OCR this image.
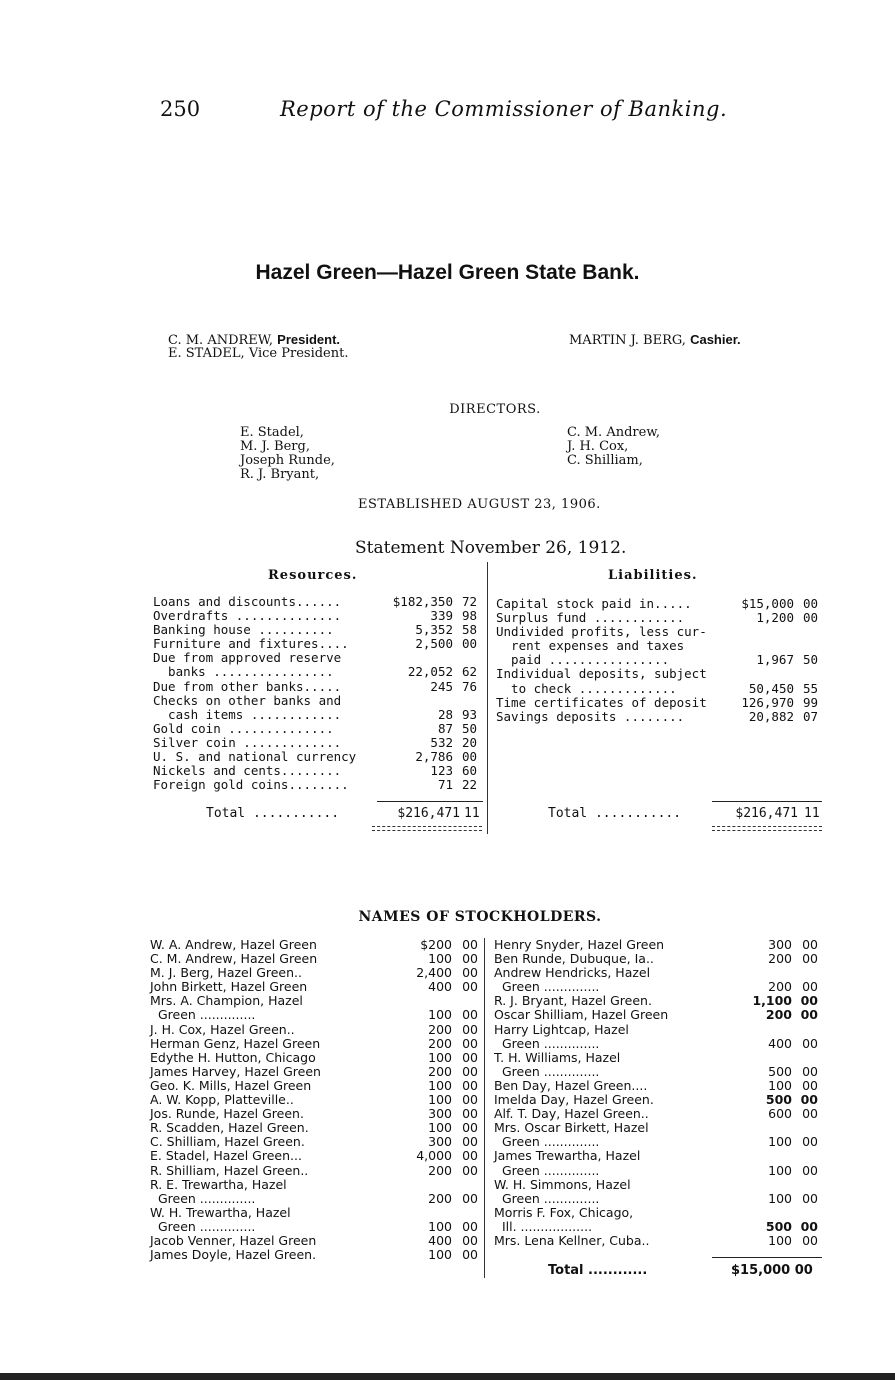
250	Report of the Commissioner of Banking.
Hazel Green—Hazel Green State Bank.
C. M. ANDREW, President.
E. STADEL, Vice President.
MARTIN J. BERG, Cashier.
DIRECTORS.
E. Stadel,
M. J. Berg,
Joseph Runde,
R. J. Bryant,
C. M. Andrew,
J. H. Cox,
C. Shilliam,
ESTABLISHED AUGUST 23, 1906.
Statement November 26, 1912.
Resources.	Liabilities.
Loans and discounts......	$182,350 72
Overdrafts ..............	339 98
Banking house ..........	5,352 58
Furniture and fixtures....	2,500 00
Due from approved reserve
banks ................	22,052 62
Due from other banks.....	245 76
Checks on other banks and
cash items ............	28 93
Gold coin ..............	87 50
Silver coin .............	532 20
U. S. and national currency	2,786 00
Nickels and cents........	123 60
Foreign gold coins........	71 22
Capital stock paid in.....	$15,000 00
Surplus fund ............	1,200 00
Undivided profits, less cur-
rent expenses and taxes
paid ................	1,967 50
Individual deposits, subject
to check .............	50,450 55
Time certificates of deposit	126,970 99
Savings deposits ........	20,882 07
Total ...........	$216,471 11	Total ...........	$216,471 11
NAMES OF STOCKHOLDERS.
W. A. Andrew, Hazel Green	$200 00
C. M. Andrew, Hazel Green	100 00
M. J. Berg, Hazel Green..	2,400 00
John Birkett, Hazel Green	400 00
Mrs. A. Champion, Hazel
Green ..............	100 00
J. H. Cox, Hazel Green..	200 00
Herman Genz, Hazel Green	200 00
Edythe H. Hutton, Chicago	100 00
James Harvey, Hazel Green	200 00
Geo. K. Mills, Hazel Green	100 00
A. W. Kopp, Platteville..	100 00
Jos. Runde, Hazel Green.	300 00
R. Scadden, Hazel Green.	100 00
C. Shilliam, Hazel Green.	300 00
E. Stadel, Hazel Green...	4,000 00
R. Shilliam, Hazel Green..	200 00
R. E. Trewartha, Hazel
Green ..............	200 00
W. H. Trewartha, Hazel
Green ..............	100 00
Jacob Venner, Hazel Green	400 00
James Doyle, Hazel Green.	100 00
Henry Snyder, Hazel Green	300 00
Ben Runde, Dubuque, Ia..	200 00
Andrew Hendricks, Hazel
Green ..............	200 00
R. J. Bryant, Hazel Green.	1,100 00
Oscar Shilliam, Hazel Green	200 00
Harry Lightcap, Hazel
Green ..............	400 00
T. H. Williams, Hazel
Green ..............	500 00
Ben Day, Hazel Green....	100 00
Imelda Day, Hazel Green.	500 00
Alf. T. Day, Hazel Green..	600 00
Mrs. Oscar Birkett, Hazel
Green ..............	100 00
James Trewartha, Hazel
Green ..............	100 00
W. H. Simmons, Hazel
Green ..............	100 00
Morris F. Fox, Chicago,
Ill. ..................	500 00
Mrs. Lena Kellner, Cuba..	100 00
Total ............	$15,000 00
